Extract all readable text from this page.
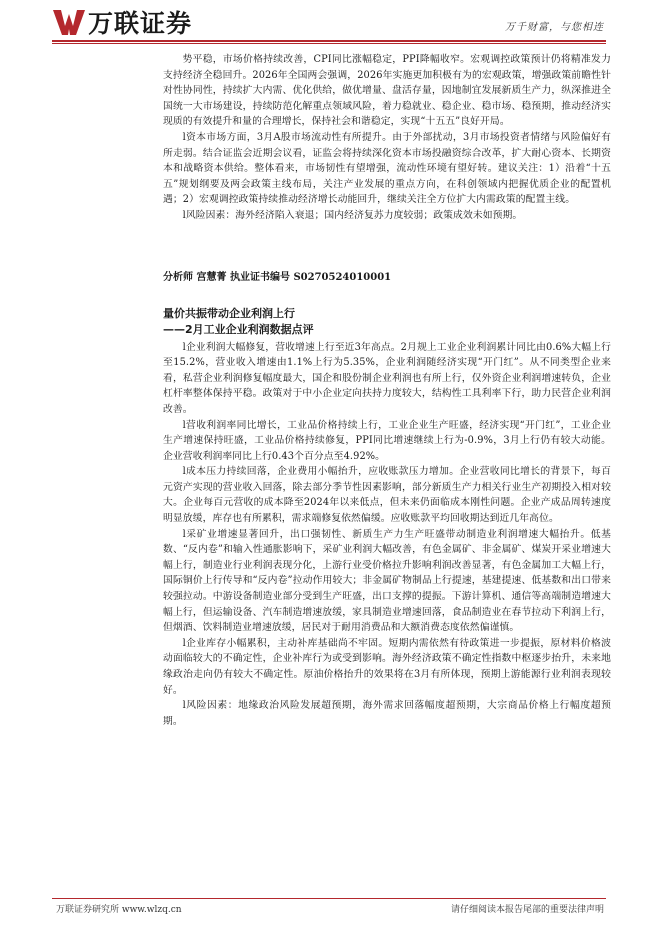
万联证券	万千财富，与您相连

势平稳，市场价格持续改善，CPI同比涨幅稳定，PPI降幅收窄。宏观调控政策预计仍将精准发力支持经济全稳回升。2026年全国两会强调，2026年实施更加积极有为的宏观政策，增强政策前瞻性针对性协同性，持续扩大内需、优化供给，做优增量、盘活存量，因地制宜发展新质生产力，纵深推进全国统一大市场建设，持续防范化解重点领域风险，着力稳就业、稳企业、稳市场、稳预期，推动经济实现质的有效提升和量的合理增长，保持社会和谐稳定，实现“十五五”良好开局。

l资本市场方面，3月A股市场流动性有所提升。由于外部扰动，3月市场投资者情绪与风险偏好有所走弱。结合证监会近期会议看，证监会将持续深化资本市场投融资综合改革，扩大耐心资本、长期资本和战略资本供给。整体看来，市场韧性有望增强，流动性环境有望好转。建议关注：1）沿着“十五五”规划纲要及两会政策主线布局，关注产业发展的重点方向，在科创领域内把握优质企业的配置机遇；2）宏观调控政策持续推动经济增长动能回升，继续关注全方位扩大内需政策的配置主线。

l风险因素：海外经济陷入衰退；国内经济复苏力度较弱；政策成效未如预期。

分析师 宫慧菁 执业证书编号 S0270524010001

量价共振带动企业利润上行

——2月工业企业利润数据点评

l企业利润大幅修复，营收增速上行至近3年高点。2月规上工业企业利润累计同比由0.6%大幅上行至15.2%，营业收入增速由1.1%上行为5.35%，企业利润随经济实现“开门红”。从不同类型企业来看，私营企业利润修复幅度最大，国企和股份制企业利润也有所上行，仅外资企业利润增速转负，企业杠杆率整体保持平稳。政策对于中小企业定向扶持力度较大，结构性工具利率下行，助力民营企业利润改善。

l营收利润率同比增长，工业品价格持续上行，工业企业生产旺盛，经济实现“开门红”，工业企业生产增速保持旺盛，工业品价格持续修复，PPI同比增速继续上行为-0.9%，3月上行仍有较大动能。企业营收利润率同比上行0.43个百分点至4.92%。

l成本压力持续回落，企业费用小幅抬升，应收账款压力增加。企业营收同比增长的背景下，每百元资产实现的营业收入回落，除去部分季节性因素影响，部分新质生产力相关行业生产初期投入相对较大。企业每百元营收的成本降至2024年以来低点，但未来仍面临成本刚性问题。企业产成品周转速度明显放缓，库存也有所累积，需求端修复依然偏缓。应收账款平均回收期达到近几年高位。

l采矿业增速显著回升，出口强韧性、新质生产力生产旺盛带动制造业利润增速大幅抬升。低基数、“反内卷”和输入性通胀影响下，采矿业利润大幅改善，有色金属矿、非金属矿、煤炭开采业增速大幅上行，制造业行业利润表现分化，上游行业受价格拉升影响利润改善显著，有色金属加工大幅上行，国际铜价上行传导和“反内卷”拉动作用较大；非金属矿物制品上行提速，基建提速、低基数和出口带来较强拉动。中游设备制造业部分受到生产旺盛，出口支撑的提振。下游计算机、通信等高端制造增速大幅上行，但运输设备、汽车制造增速放缓，家具制造业增速回落，食品制造业在春节拉动下利润上行，但烟酒、饮料制造业增速放缓，居民对于耐用消费品和大额消费态度依然偏谨慎。

l企业库存小幅累积，主动补库基础尚不牢固。短期内需依然有待政策进一步提振，原材料价格波动面临较大的不确定性，企业补库行为或受到影响。海外经济政策不确定性指数中枢逐步抬升，未来地缘政治走向仍有较大不确定性。原油价格抬升的效果将在3月有所体现，预期上游能源行业利润表现较好。

l风险因素：地缘政治风险发展超预期，海外需求回落幅度超预期，大宗商品价格上行幅度超预期。

万联证券研究所 www.wlzq.cn	请仔细阅读本报告尾部的重要法律声明
